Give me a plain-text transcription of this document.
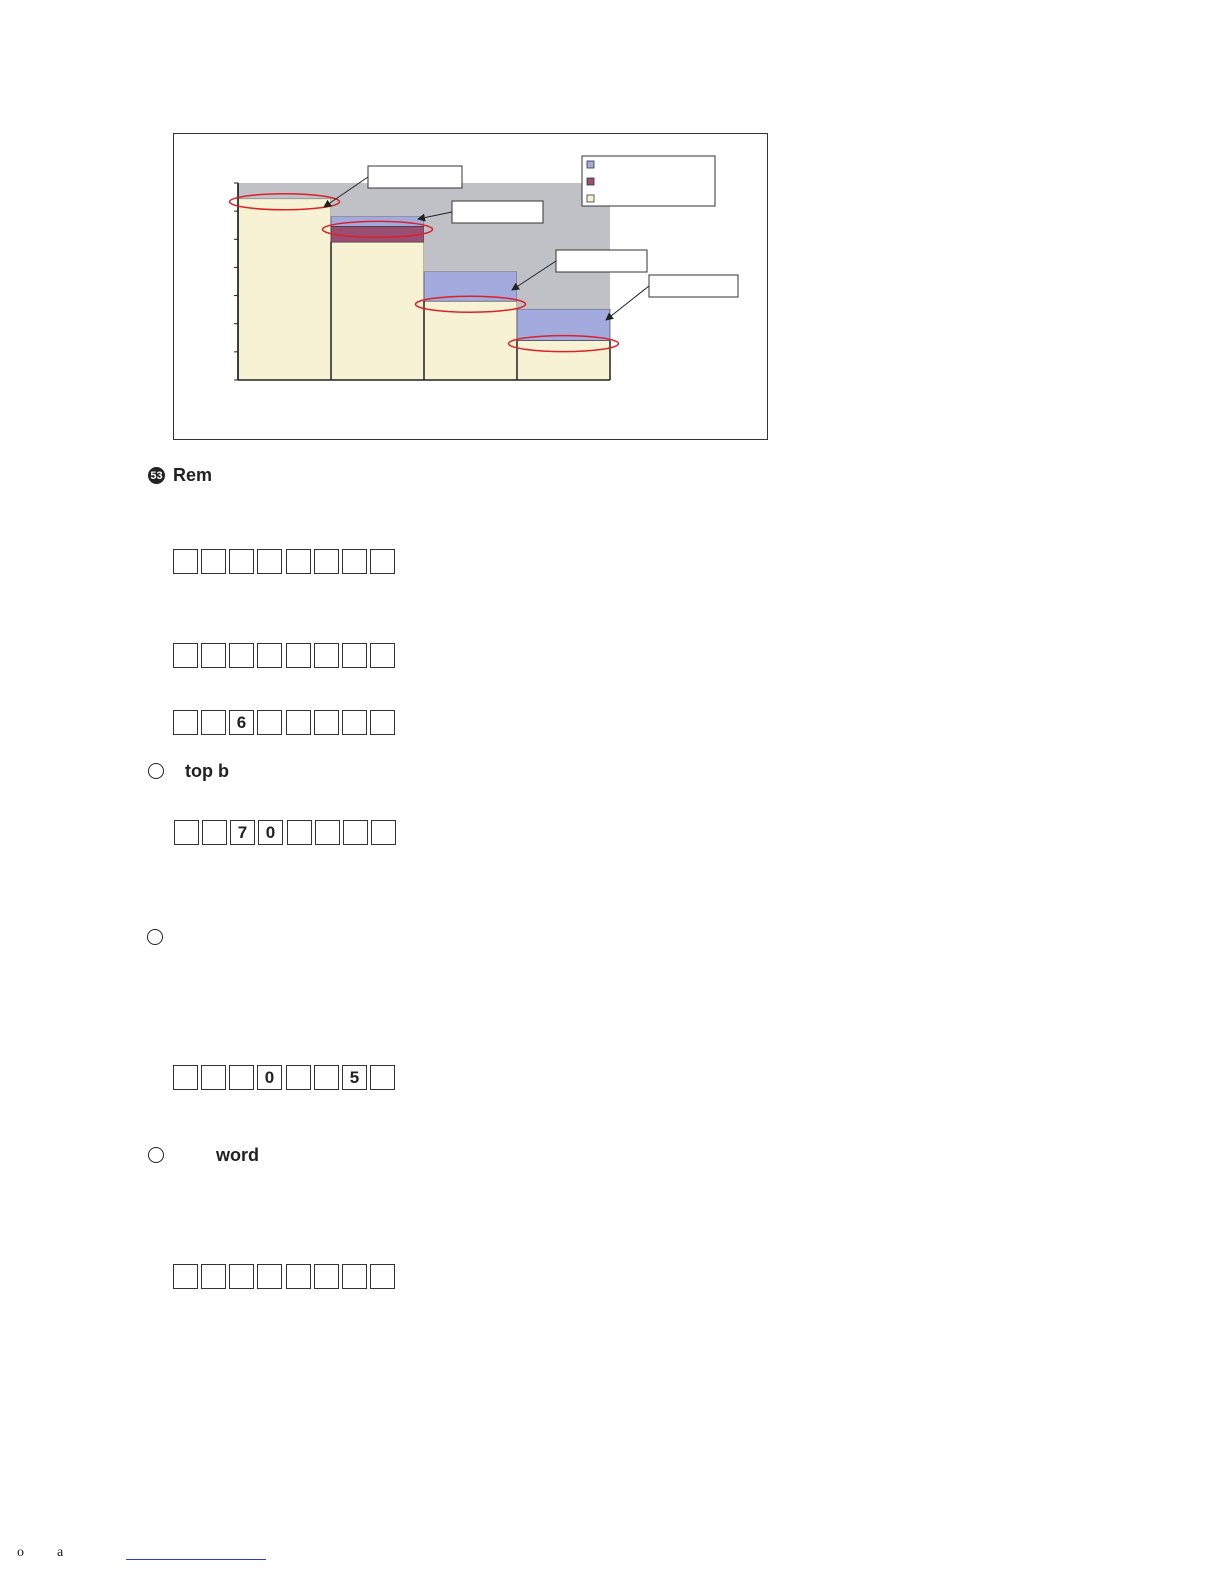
53 Rem
6
top b
7	0
0	5
word
o a
